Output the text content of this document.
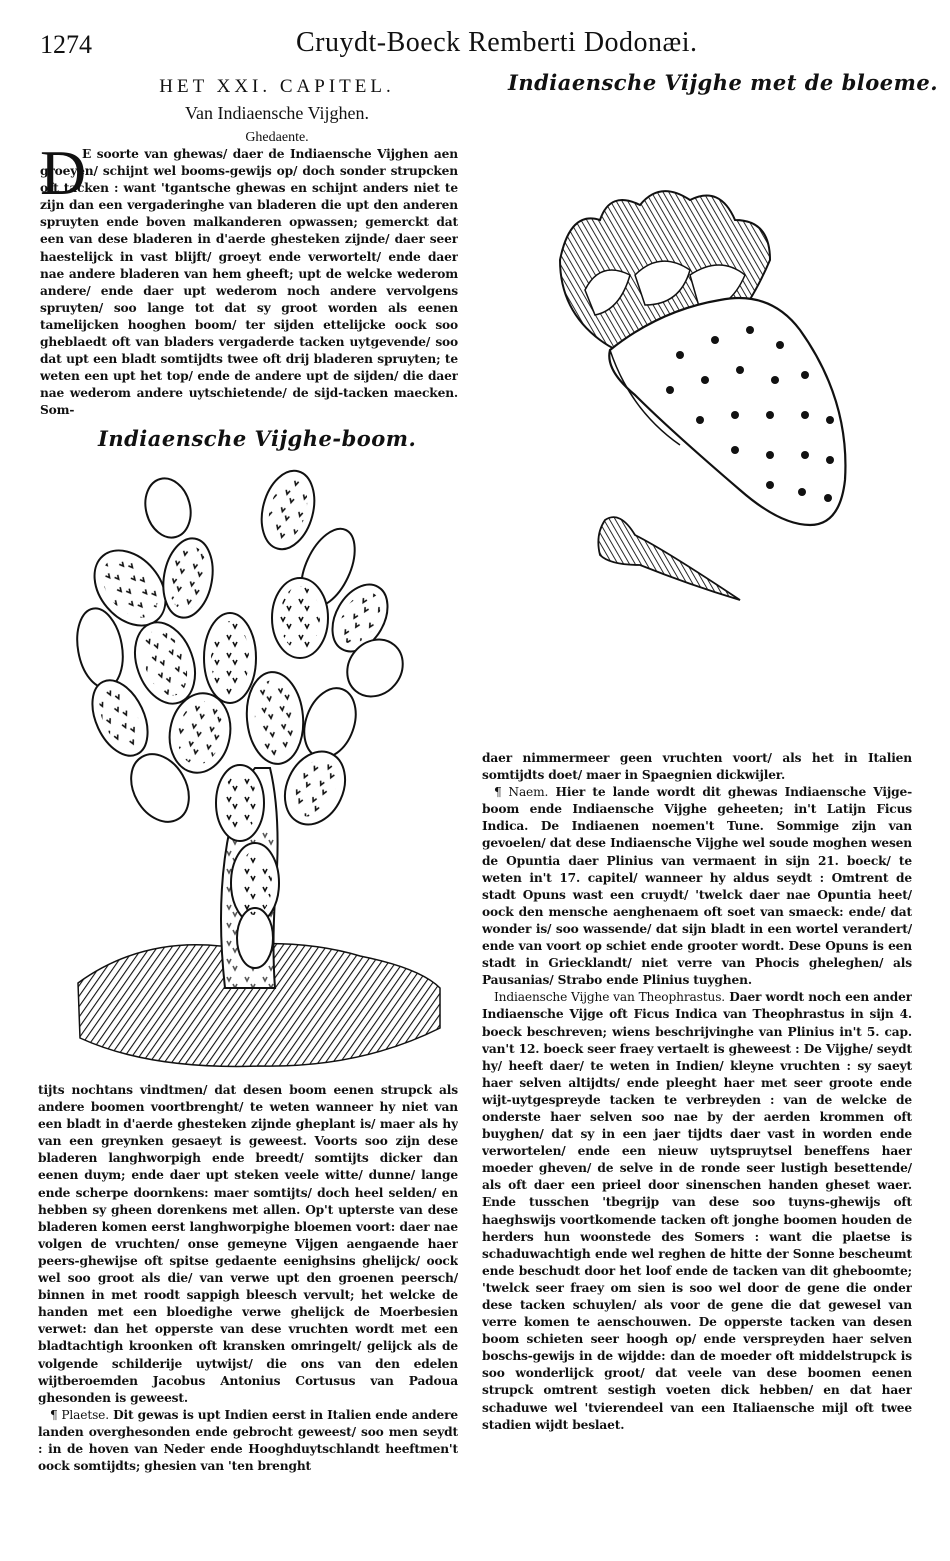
1274	Cruydt-Boeck Remberti Dodonæi.
HET XXI. CAPITEL.
Van Indiaensche Vijghen.
Ghedaente.
D

E soorte van ghewas/ daer de Indiaensche Vijghen aen groeyen/ schijnt wel booms-gewijs op/ doch sonder strupcken oft tacken : want 'tgantsche ghewas en schijnt anders niet te zijn dan een vergaderinghe van bladeren die upt den anderen spruyten ende boven malkanderen opwassen; gemerckt dat een van dese bladeren in d'aerde ghesteken zijnde/ daer seer haestelijck in vast blijft/ groeyt ende verwortelt/ ende daer nae andere bladeren van hem gheeft; upt de welcke wederom andere/ ende daer upt wederom noch andere vervolgens spruyten/ soo lange tot dat sy groot worden als eenen tamelijcken hooghen boom/ ter sijden ettelijcke oock soo gheblaedt oft van bladers vergaderde tacken uytgevende/ soo dat upt een bladt somtijdts twee oft drij bladeren spruyten; te weten een upt het top/ ende de andere upt de sijden/ die daer nae wederom andere uytschietende/ de sijd-tacken maecken. Som-

Indiaensche Vijghe-boom.
Indiaensche Vijghe met de bloeme.

tijts nochtans vindtmen/ dat desen boom eenen strupck als andere boomen voortbrenght/ te weten wanneer hy niet van een bladt in d'aerde ghesteken zijnde gheplant is/ maer als hy van een greynken gesaeyt is geweest. Voorts soo zijn dese bladeren langhworpigh ende breedt/ somtijts dicker dan eenen duym; ende daer upt steken veele witte/ dunne/ lange ende scherpe doornkens: maer somtijts/ doch heel selden/ en hebben sy gheen dorenkens met allen. Op't upterste van dese bladeren komen eerst langhworpighe bloemen voort: daer nae volgen de vruchten/ onse gemeyne Vijgen aengaende haer peers-ghewijse oft spitse gedaente eenighsins ghelijck/ oock wel soo groot als die/ van verwe upt den groenen peersch/ binnen in met roodt sappigh bleesch vervult; het welcke de handen met een bloedighe verwe ghelijck de Moerbesien verwet: dan het opperste van dese vruchten wordt met een bladtachtigh kroonken oft kransken omringelt/ gelijck als de volgende schilderije uytwijst/ die ons van den edelen wijtberoemden Jacobus Antonius Cortusus van Padoua ghesonden is geweest.

¶ Plaetse. Dit gewas is upt Indien eerst in Italien ende andere landen overghesonden ende gebrocht geweest/ soo men seydt : in de hoven van Neder ende Hooghduytschlandt heeftmen't oock somtijdts; ghesien van 'ten brenght

daer nimmermeer geen vruchten voort/ als het in Italien somtijdts doet/ maer in Spaegnien dickwijler.

¶ Naem. Hier te lande wordt dit ghewas Indiaensche Vijge-boom ende Indiaensche Vijghe geheeten; in't Latijn Ficus Indica. De Indiaenen noemen't Tune. Sommige zijn van gevoelen/ dat dese Indiaensche Vijghe wel soude moghen wesen de Opuntia daer Plinius van vermaent in sijn 21. boeck/ te weten in't 17. capitel/ wanneer hy aldus seydt : Omtrent de stadt Opuns wast een cruydt/ 'twelck daer nae Opuntia heet/ oock den mensche aenghenaem oft soet van smaeck: ende/ dat wonder is/ soo wassende/ dat sijn bladt in een wortel verandert/ ende van voort op schiet ende grooter wordt. Dese Opuns is een stadt in Griecklandt/ niet verre van Phocis gheleghen/ als Pausanias/ Strabo ende Plinius tuyghen.

Indiaensche Vijghe van Theophrastus. Daer wordt noch een ander Indiaensche Vijge oft Ficus Indica van Theophrastus in sijn 4. boeck beschreven; wiens beschrijvinghe van Plinius in't 5. cap. van't 12. boeck seer fraey vertaelt is gheweest : De Vijghe/ seydt hy/ heeft daer/ te weten in Indien/ kleyne vruchten : sy saeyt haer selven altijdts/ ende pleeght haer met seer groote ende wijt-uytgespreyde tacken te verbreyden : van de welcke de onderste haer selven soo nae by der aerden krommen oft buyghen/ dat sy in een jaer tijdts daer vast in worden ende verwortelen/ ende een nieuw uytspruytsel beneffens haer moeder gheven/ de selve in de ronde seer lustigh besettende/ als oft daer een prieel door sinenschen handen gheset waer. Ende tusschen 'tbegrijp van dese soo tuyns-ghewijs oft haeghswijs voortkomende tacken oft jonghe boomen houden de herders hun woonstede des Somers : want die plaetse is schaduwachtigh ende wel reghen de hitte der Sonne bescheumt ende beschudt door het loof ende de tacken van dit gheboomte; 'twelck seer fraey om sien is soo wel door de gene die onder dese tacken schuylen/ als voor de gene die dat gewesel van verre komen te aenschouwen. De opperste tacken van desen boom schieten seer hoogh op/ ende verspreyden haer selven boschs-gewijs in de wijdde: dan de moeder oft middelstrupck is soo wonderlijck groot/ dat veele van dese boomen eenen strupck omtrent sestigh voeten dick hebben/ en dat haer schaduwe wel 'tvierendeel van een Italiaensche mijl oft twee stadien wijdt beslaet.
